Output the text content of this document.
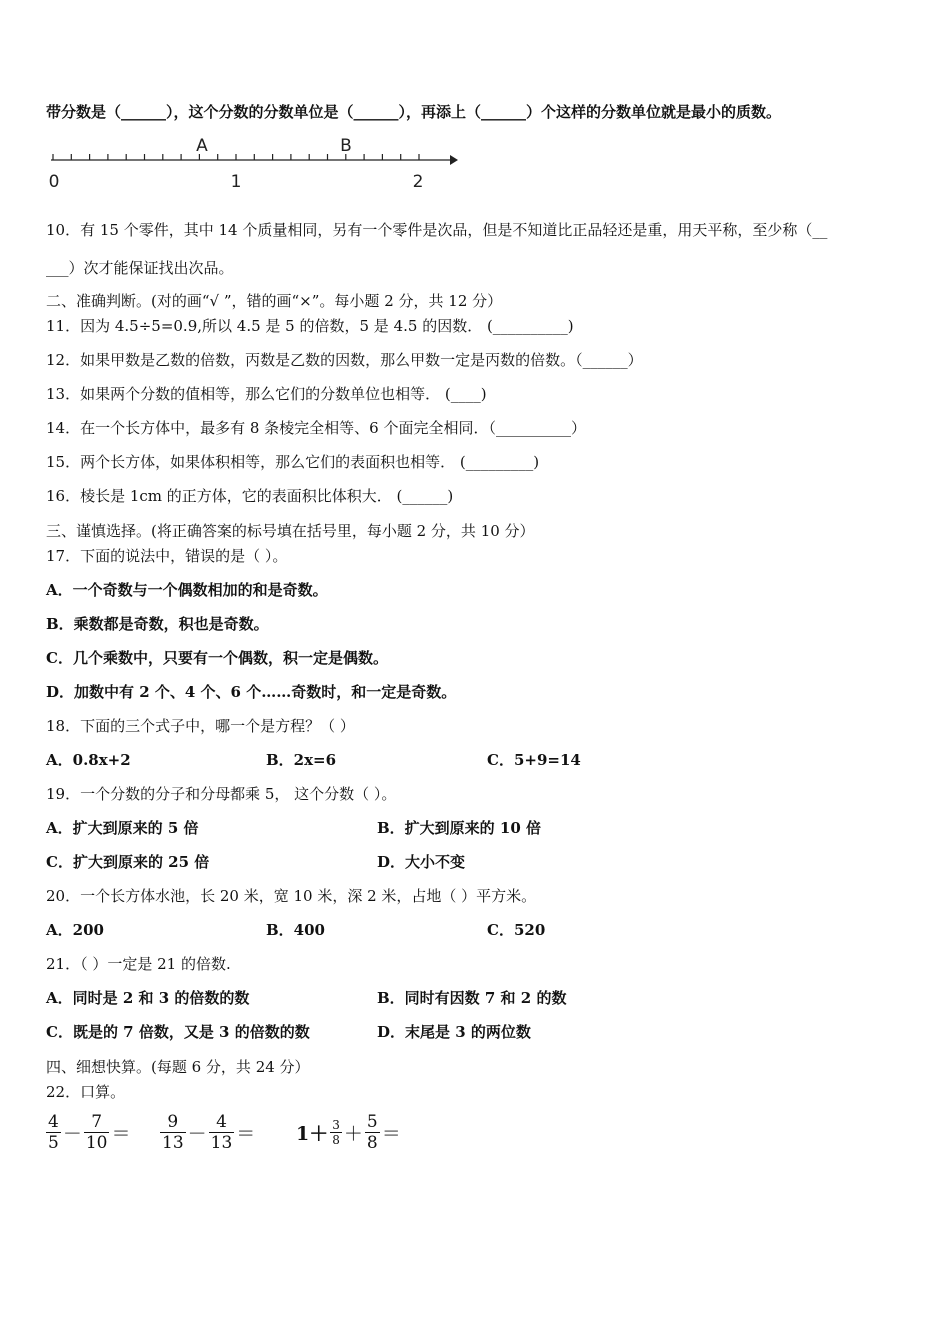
带分数是（______），这个分数的分数单位是（______），再添上（______）个这样的分数单位就是最小的质数。
A	B
0	1	2
10．有 15 个零件，其中 14 个质量相同，另有一个零件是次品，但是不知道比正品轻还是重，用天平称，至少称（__
___）次才能保证找出次品。
二、准确判断。(对的画“√ ”，错的画“×”。每小题 2 分，共 12 分）
11．因为 4.5÷5=0.9,所以 4.5 是 5 的倍数，5 是 4.5 的因数． (__________)
12．如果甲数是乙数的倍数，丙数是乙数的因数，那么甲数一定是丙数的倍数。（______）
13．如果两个分数的值相等，那么它们的分数单位也相等． (____)
14．在一个长方体中，最多有 8 条棱完全相等、6 个面完全相同．（__________）
15．两个长方体，如果体积相等，那么它们的表面积也相等． (_________)
16．棱长是 1cm 的正方体，它的表面积比体积大． (______)
三、谨慎选择。(将正确答案的标号填在括号里，每小题 2 分，共 10 分）
17．下面的说法中，错误的是（ ）。
A．一个奇数与一个偶数相加的和是奇数。
B．乘数都是奇数，积也是奇数。
C．几个乘数中，只要有一个偶数，积一定是偶数。
D．加数中有 2 个、4 个、6 个……奇数时，和一定是奇数。
18．下面的三个式子中，哪一个是方程？（ ）
A．0.8x+2	B．2x=6	C．5+9=14
19．一个分数的分子和分母都乘 5， 这个分数（ ）。
A．扩大到原来的 5 倍	B．扩大到原来的 10 倍
C．扩大到原来的 25 倍	D．大小不变
20．一个长方体水池，长 20 米，宽 10 米，深 2 米，占地（ ）平方米。
A．200	B．400	C．520
21．（ ）一定是 21 的倍数.
A．同时是 2 和 3 的倍数的数	B．同时有因数 7 和 2 的数
C．既是的 7 倍数，又是 3 的倍数的数	D．末尾是 3 的两位数
四、细想快算。(每题 6 分，共 24 分）
22．口算。
$\frac{4}{5} - \frac{7}{10} = \frac{9}{13} - \frac{4}{13} = 1+ \frac{3}{8} + \frac{5}{8}$ ＝
